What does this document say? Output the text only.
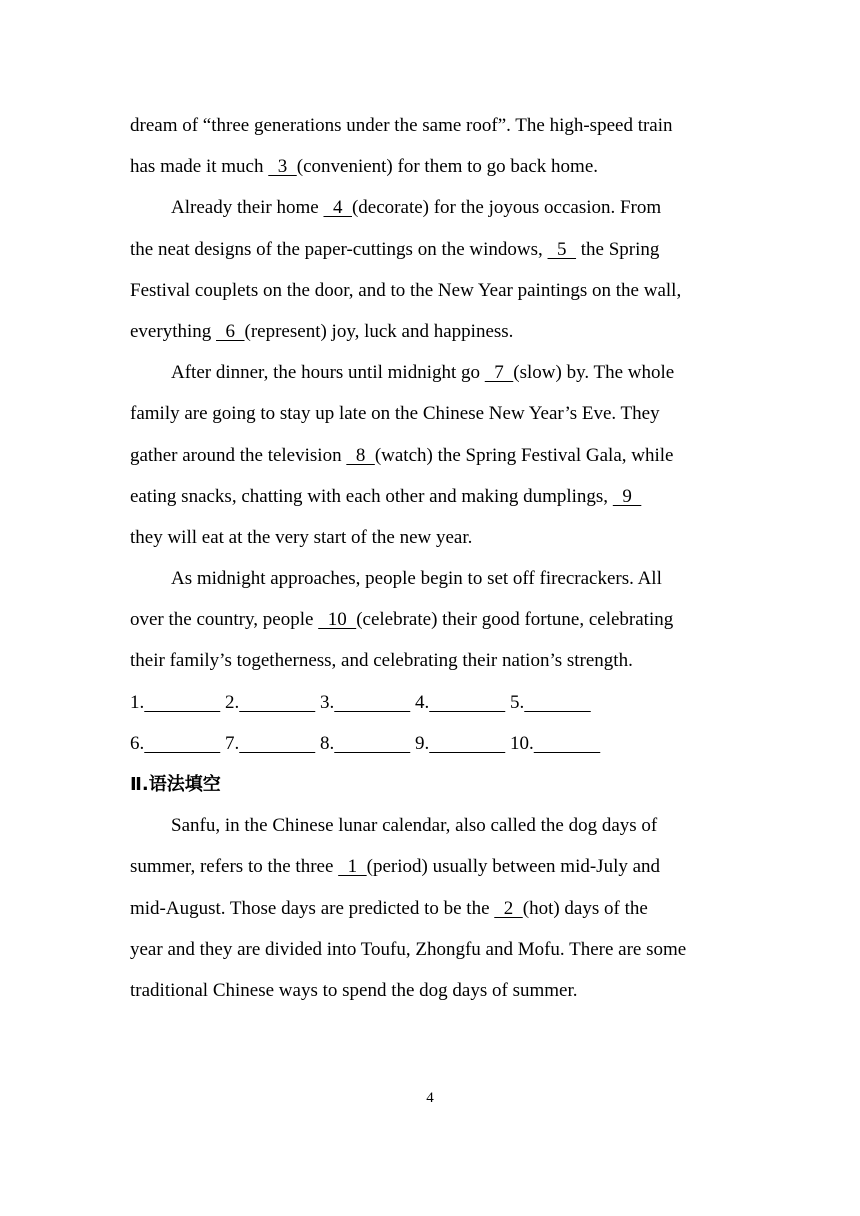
dream of “three generations under the same roof”. The high-speed train
has made it much   3  (convenient) for them to go back home.
Already their home   4  (decorate) for the joyous occasion. From
the neat designs of the paper-cuttings on the windows,   5   the Spring
Festival couplets on the door, and to the New Year paintings on the wall,
everything   6  (represent) joy, luck and happiness.
After dinner, the hours until midnight go   7  (slow) by. The whole
family are going to stay up late on the Chinese New Year’s Eve. They
gather around the television   8  (watch) the Spring Festival Gala, while
eating snacks, chatting with each other and making dumplings,   9
they will eat at the very start of the new year.
As midnight approaches, people begin to set off firecrackers. All
over the country, people   10  (celebrate) their good fortune, celebrating
their family’s togetherness, and celebrating their nation’s strength.
1.	2.	3.	4.	5.
6.	7.	8.	9.	10.
Ⅱ.语法填空
Sanfu, in the Chinese lunar calendar, also called the dog days of
summer, refers to the three   1  (period) usually between mid-July and
mid-August. Those days are predicted to be the   2  (hot) days of the
year and they are divided into Toufu, Zhongfu and Mofu. There are some
traditional Chinese ways to spend the dog days of summer.
4
